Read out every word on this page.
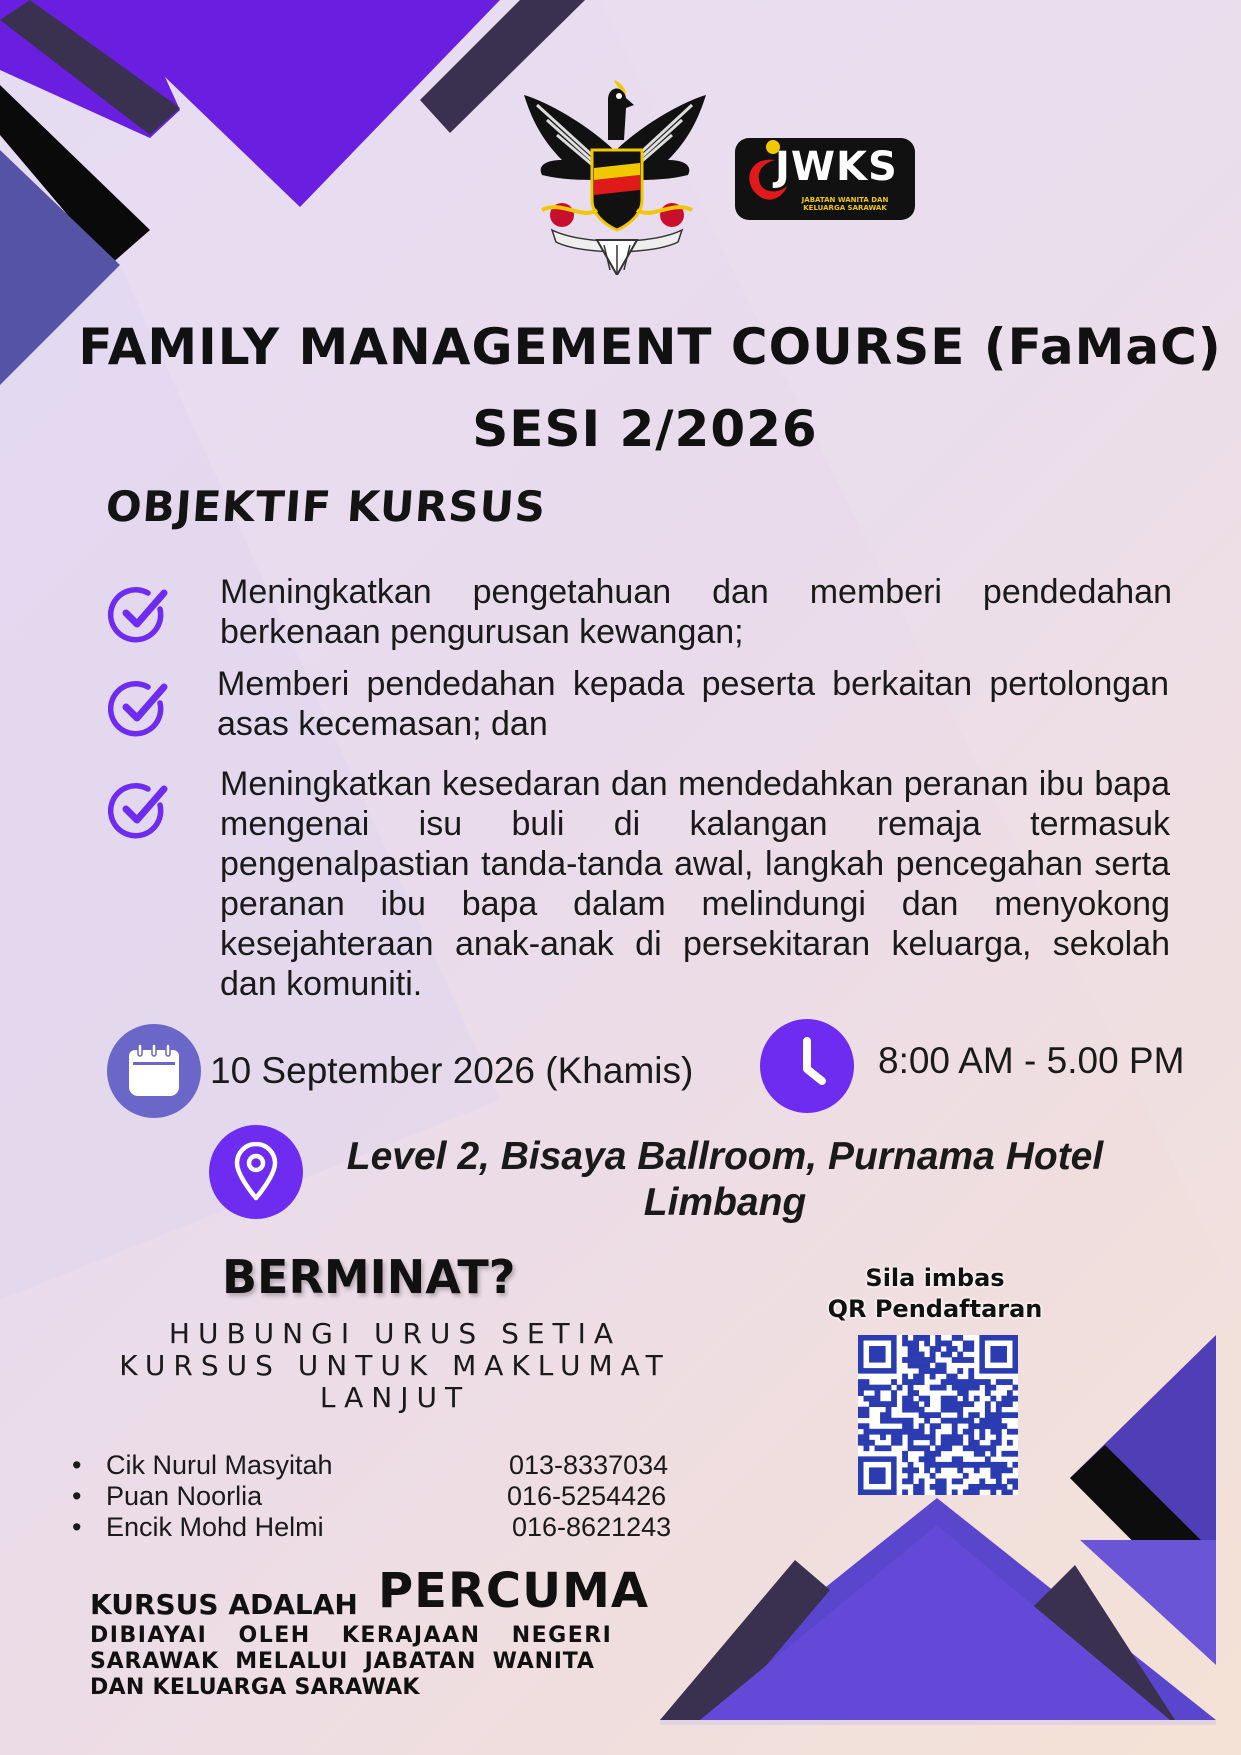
JWKS
JABATAN WANITA DAN KELUARGA SARAWAK
FAMILY MANAGEMENT COURSE (FaMaC)
SESI 2/2026
OBJEKTIF KURSUS
Meningkatkan pengetahuan dan memberi pendedahan berkenaan pengurusan kewangan;
Memberi pendedahan kepada peserta berkaitan pertolongan asas kecemasan; dan
Meningkatkan kesedaran dan mendedahkan peranan ibu bapa mengenai isu buli di kalangan remaja termasuk pengenalpastian tanda-tanda awal, langkah pencegahan serta peranan ibu bapa dalam melindungi dan menyokong kesejahteraan anak-anak di persekitaran keluarga, sekolah dan komuniti.
10 September 2026 (Khamis)	8:00 AM - 5.00 PM
Level 2, Bisaya Ballroom, Purnama Hotel
Limbang
BERMINAT?
HUBUNGI URUS SETIA
KURSUS UNTUK MAKLUMAT
LANJUT
• Cik Nurul Masyitah	013-8337034
• Puan Noorlia	016-5254426
• Encik Mohd Helmi	016-8621243
Sila imbas
QR Pendaftaran
KURSUS ADALAH PERCUMA
DIBIAYAI OLEH KERAJAAN NEGERI
SARAWAK MELALUI JABATAN WANITA
DAN KELUARGA SARAWAK
